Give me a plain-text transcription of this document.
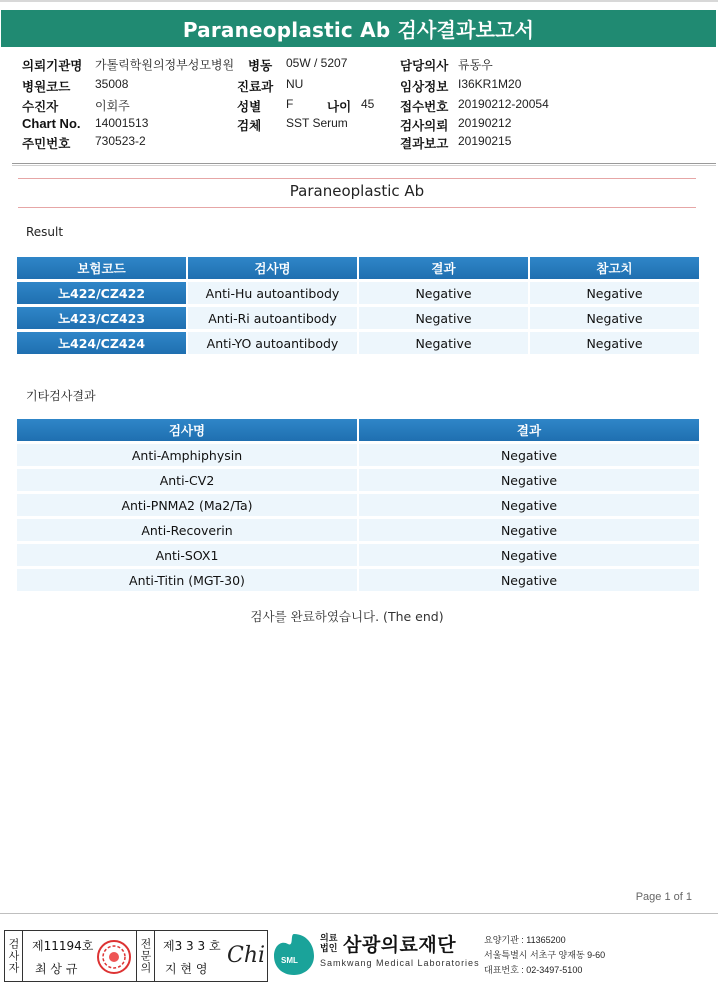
Paraneoplastic Ab 검사결과보고서
의뢰기관명 가톨릭학원의정부성모병원 병동 05W / 5207	담당의사 류동우
병원코드 35008	진료과 NU	임상정보 I36KR1M20
수진자	이회주	성별 F	나이 45 접수번호 20190212-20054
Chart No. 14001513	검체 SST Serum	검사의뢰 20190212
주민번호 730523-2	결과보고 20190215
Paraneoplastic Ab
Result
보험코드	검사명	결과	참고치
노422/CZ422	Anti-Hu autoantibody	Negative	Negative
노423/CZ423	Anti-Ri autoantibody	Negative	Negative
노424/CZ424	Anti-YO autoantibody	Negative	Negative
기타검사결과
검사명	결과
Anti-Amphiphysin	Negative
Anti-CV2	Negative
Anti-PNMA2 (Ma2/Ta)	Negative
Anti-Recoverin	Negative
Anti-SOX1	Negative
Anti-Titin (MGT-30)	Negative
검사를 완료하였습니다. (The end)
Page 1 of 1
검사자 제11194호
최 상 규	전문의 제3 3 3 호
지 현 영
Chi SML
의료
법인 삼광의료재단
Samkwang Medical Laboratories
요양기관 : 11365200
서울특별시 서초구 양재동 9-60
대표번호 : 02-3497-5100
